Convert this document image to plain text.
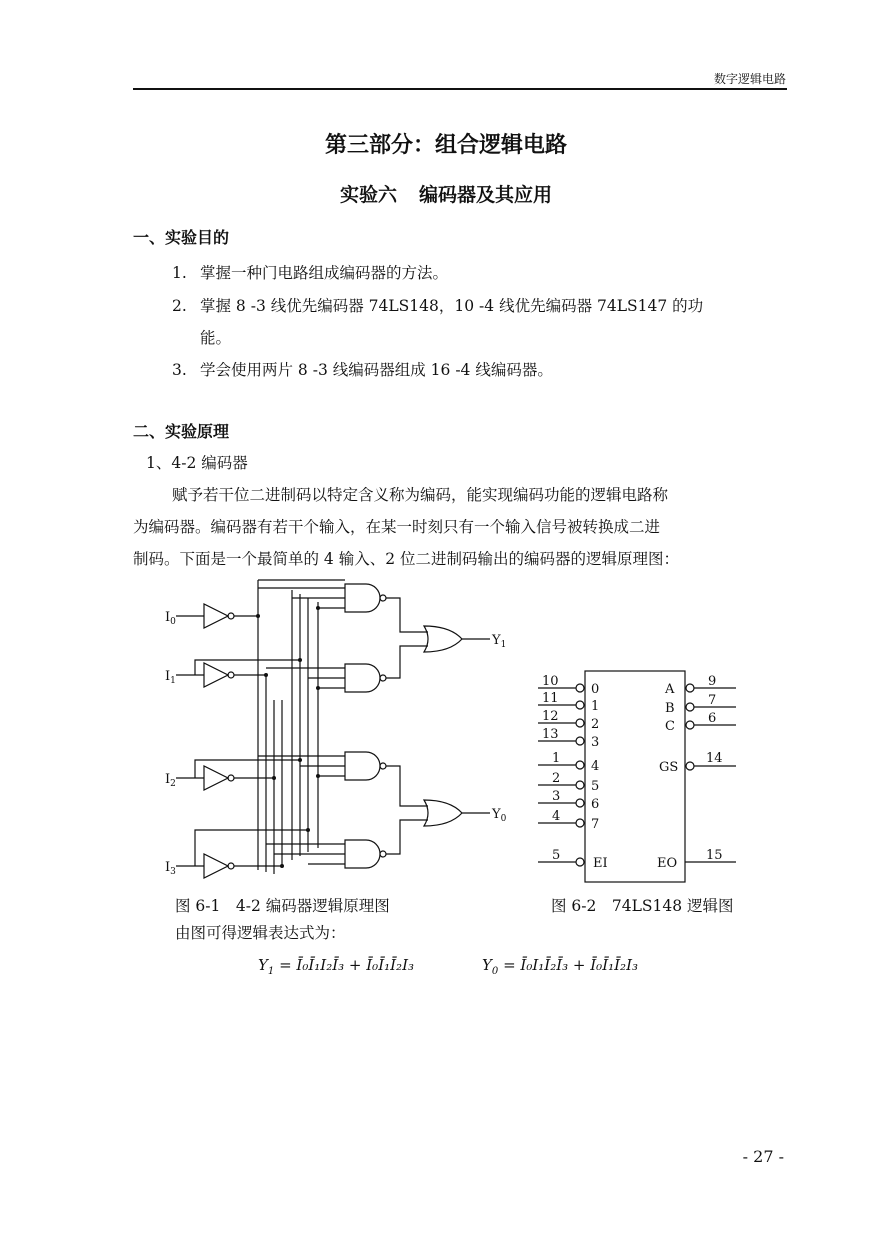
数字逻辑电路
第三部分：组合逻辑电路
实验六 编码器及其应用
一、实验目的
1. 掌握一种门电路组成编码器的方法。
2. 掌握 8 -3 线优先编码器 74LS148，10 -4 线优先编码器 74LS147 的功
能。
3. 学会使用两片 8 -3 线编码器组成 16 -4 线编码器。
二、实验原理
1、4-2 编码器
赋予若干位二进制码以特定含义称为编码，能实现编码功能的逻辑电路称
为编码器。编码器有若干个输入，在某一时刻只有一个输入信号被转换成二进
制码。下面是一个最简单的 4 输入、2 位二进制码输出的编码器的逻辑原理图：
$I_0$
$I_1$
$I_2$
$I_3$
$Y_1$
$Y_0$
10
11
12
13
1
2
3
4
5
0
1
2
3
4
5
6
7
EI
A
B
C
GS
EO
9
7
6
14
15
图 6-1　4-2 编码器逻辑原理图	图 6-2　74LS148 逻辑图
由图可得逻辑表达式为：
$Y_1$ = Ī₀Ī₁I₂Ī₃ + Ī₀Ī₁Ī₂I₃	$Y_0$ = Ī₀I₁Ī₂Ī₃ + Ī₀Ī₁Ī₂I₃
- 27 -
